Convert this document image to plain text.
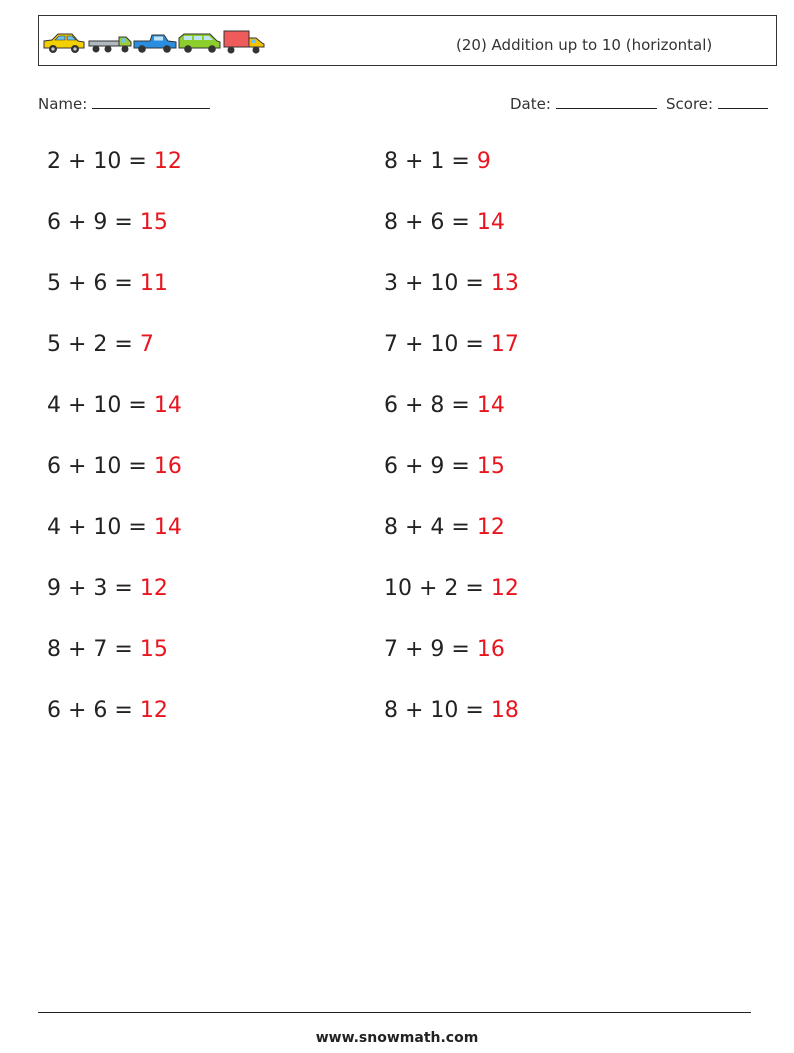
(20) Addition up to 10 (horizontal)
Name:	Date:	Score:
2 + 10 = 12	8 + 1 = 9
6 + 9 = 15	8 + 6 = 14
5 + 6 = 11	3 + 10 = 13
5 + 2 = 7	7 + 10 = 17
4 + 10 = 14	6 + 8 = 14
6 + 10 = 16	6 + 9 = 15
4 + 10 = 14	8 + 4 = 12
9 + 3 = 12	10 + 2 = 12
8 + 7 = 15	7 + 9 = 16
6 + 6 = 12	8 + 10 = 18
www.snowmath.com
